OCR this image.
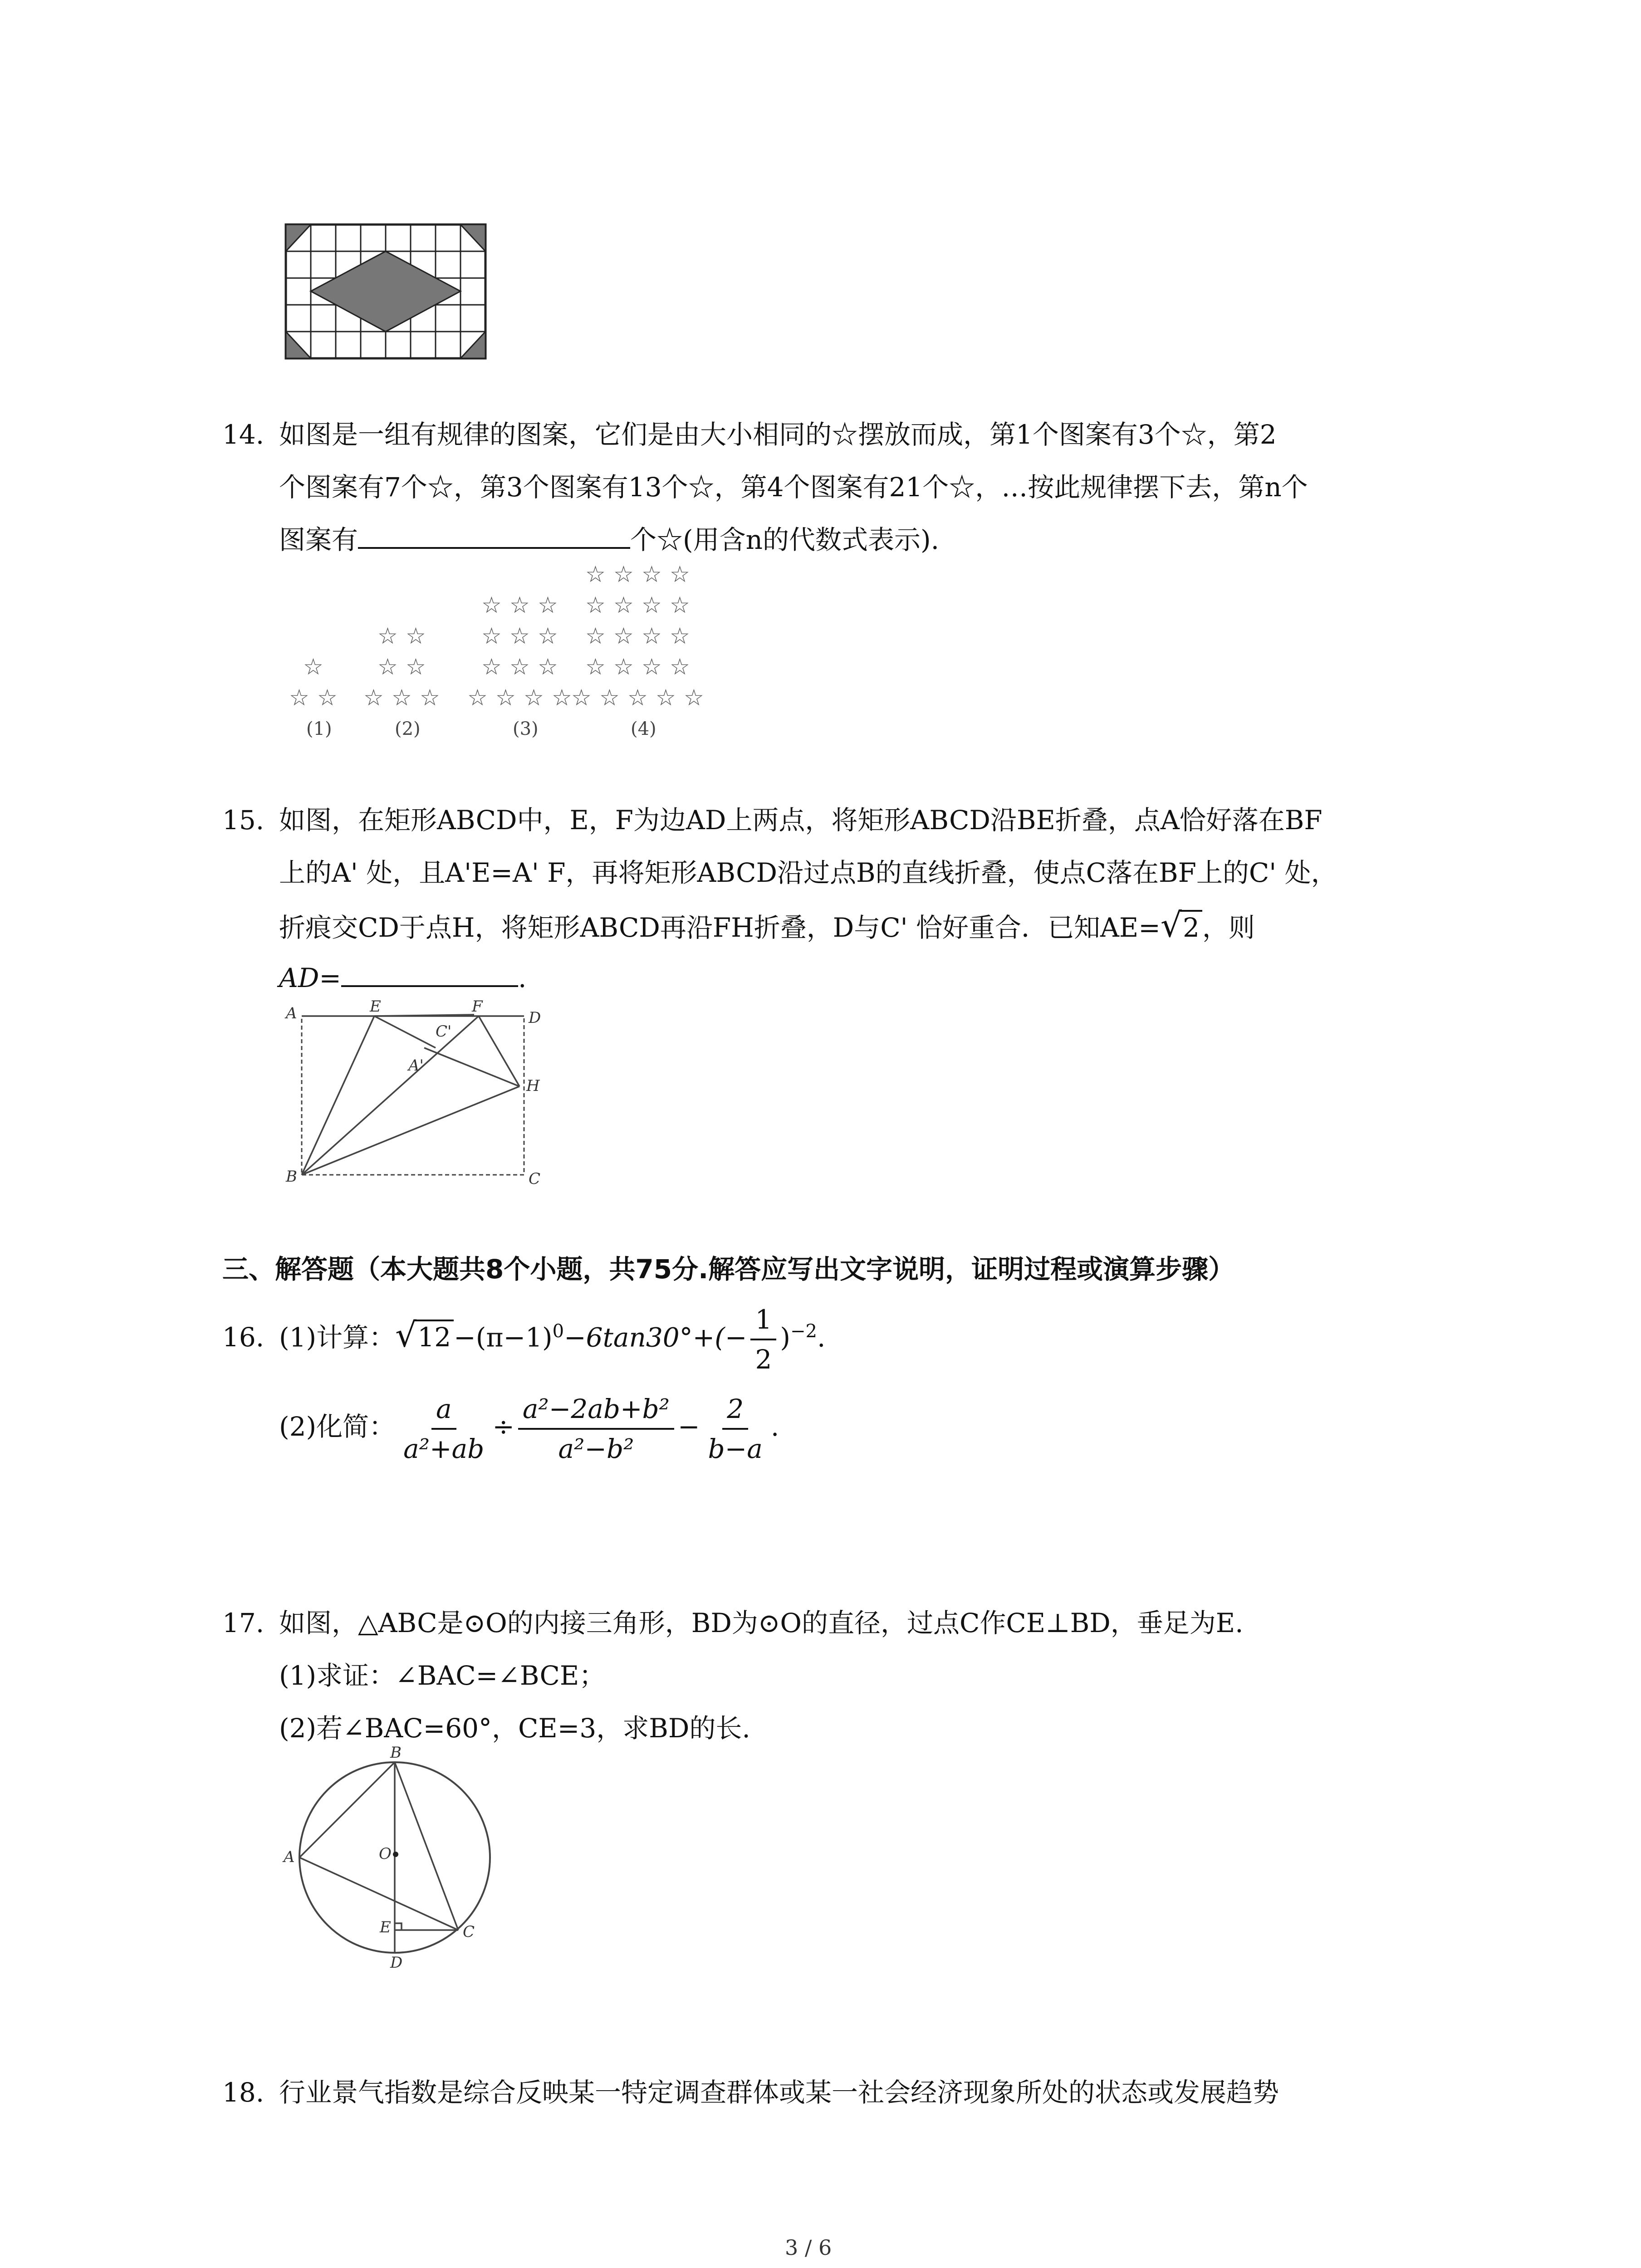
14. 如图是一组有规律的图案，它们是由大小相同的☆摆放而成，第1个图案有3个☆，第2
个图案有7个☆，第3个图案有13个☆，第4个图案有21个☆，…按此规律摆下去，第n个
图案有	个☆(用含n的代数式表示).
☆
☆ ☆
☆ ☆
☆ ☆
☆ ☆ ☆
☆ ☆ ☆
☆ ☆ ☆
☆ ☆ ☆
☆ ☆ ☆ ☆
☆ ☆ ☆ ☆
☆ ☆ ☆ ☆
☆ ☆ ☆ ☆
☆ ☆ ☆ ☆
☆ ☆ ☆ ☆ ☆
(1)	(2)	(3)	(4)
15. 如图，在矩形ABCD中，E，F为边AD上两点，将矩形ABCD沿BE折叠，点A恰好落在BF
上的A' 处，且A'E=A' F，再将矩形ABCD沿过点B的直线折叠，使点C落在BF上的C' 处，
折痕交CD于点H，将矩形ABCD再沿FH折叠，D与C' 恰好重合．已知AE=√2 ，则
AD=	.
A	E	F
D
C'
A'
H
B	C
三、解答题（本大题共8个小题，共75分.解答应写出文字说明，证明过程或演算步骤）
16. (1)计算：$√12 -(\pi-1)^0-6\tan 30^\circ+(- \frac{1}{2} )^{-2}$.
(2)化简： $\frac{a}{\text{a²+ab}} \div \frac{\text{a²−2ab+b²}}{\text{a²−b²}} - \frac{2}{b-a}$ .
17. 如图，△ABC是⊙O的内接三角形，BD为⊙O的直径，过点C作CE⊥BD，垂足为E.
(1)求证：∠BAC=∠BCE；
(2)若∠BAC=60°，CE=3，求BD的长.
B
A	O
E	C
D
18. 行业景气指数是综合反映某一特定调查群体或某一社会经济现象所处的状态或发展趋势
3 / 6
